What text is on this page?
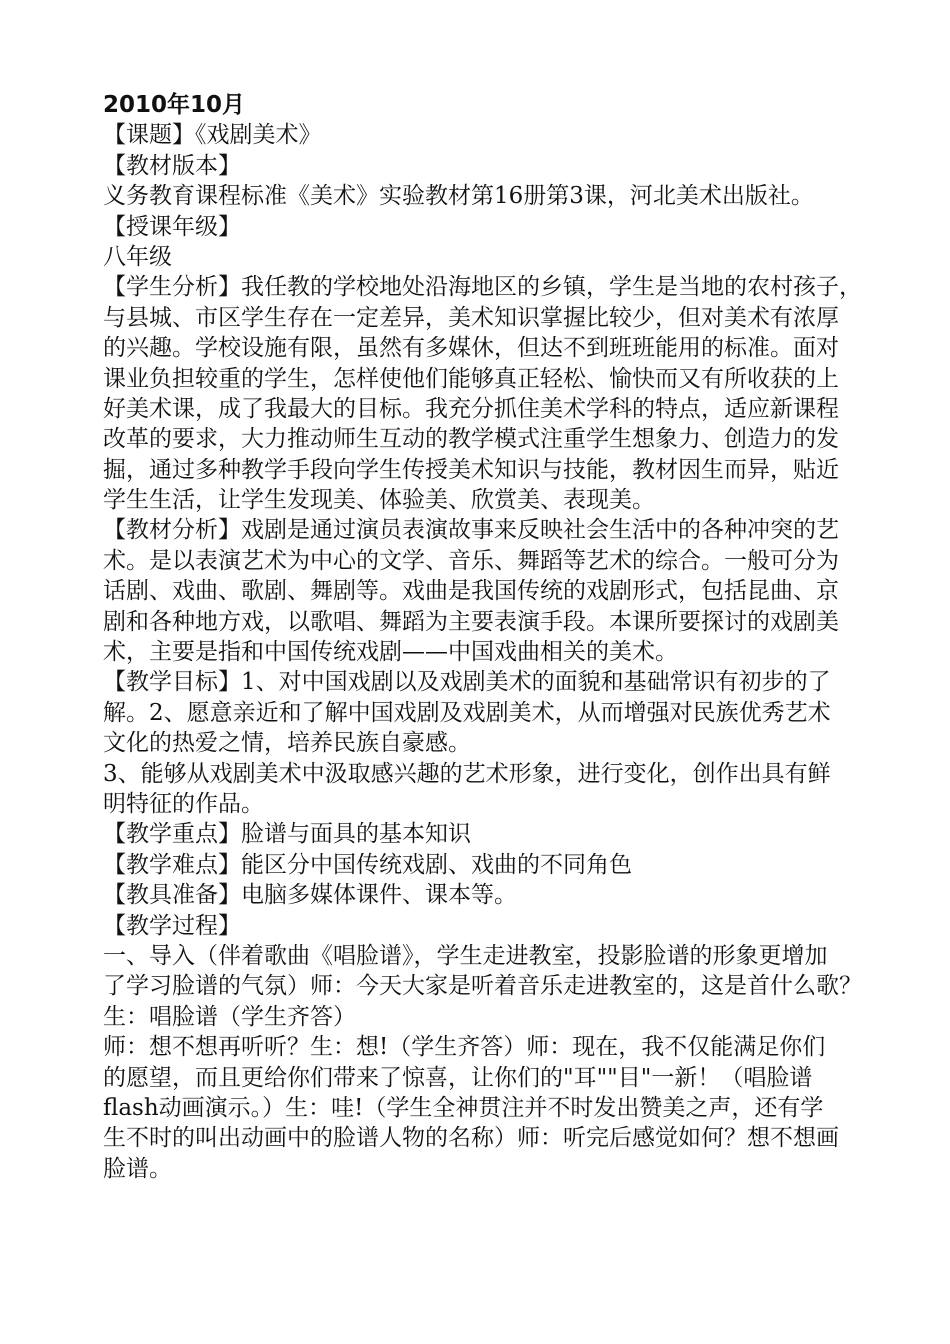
2010年10月
【课题】《戏剧美术》
【教材版本】
义务教育课程标准《美术》实验教材第16册第3课，河北美术出版社。
【授课年级】
八年级
【学生分析】我任教的学校地处沿海地区的乡镇，学生是当地的农村孩子，
与县城、市区学生存在一定差异，美术知识掌握比较少，但对美术有浓厚
的兴趣。学校设施有限，虽然有多媒休，但达不到班班能用的标准。面对
课业负担较重的学生，怎样使他们能够真正轻松、愉快而又有所收获的上
好美术课，成了我最大的目标。我充分抓住美术学科的特点，适应新课程
改革的要求，大力推动师生互动的教学模式注重学生想象力、创造力的发
掘，通过多种教学手段向学生传授美术知识与技能，教材因生而异，贴近
学生生活，让学生发现美、体验美、欣赏美、表现美。
【教材分析】戏剧是通过演员表演故事来反映社会生活中的各种冲突的艺
术。是以表演艺术为中心的文学、音乐、舞蹈等艺术的综合。一般可分为
话剧、戏曲、歌剧、舞剧等。戏曲是我国传统的戏剧形式，包括昆曲、京
剧和各种地方戏，以歌唱、舞蹈为主要表演手段。本课所要探讨的戏剧美
术，主要是指和中国传统戏剧——中国戏曲相关的美术。
【教学目标】1、对中国戏剧以及戏剧美术的面貌和基础常识有初步的了
解。2、愿意亲近和了解中国戏剧及戏剧美术，从而增强对民族优秀艺术
文化的热爱之情，培养民族自豪感。
3、能够从戏剧美术中汲取感兴趣的艺术形象，进行变化，创作出具有鲜
明特征的作品。
【教学重点】脸谱与面具的基本知识
【教学难点】能区分中国传统戏剧、戏曲的不同角色
【教具准备】电脑多媒体课件、课本等。
【教学过程】
一、导入（伴着歌曲《唱脸谱》，学生走进教室，投影脸谱的形象更增加
了学习脸谱的气氛）师：今天大家是听着音乐走进教室的，这是首什么歌？
生：唱脸谱（学生齐答）
师：想不想再听听？生：想!（学生齐答）师：现在，我不仅能满足你们
的愿望，而且更给你们带来了惊喜，让你们的"耳""目"一新！（唱脸谱
flash动画演示。）生：哇!（学生全神贯注并不时发出赞美之声，还有学
生不时的叫出动画中的脸谱人物的名称）师：听完后感觉如何？想不想画
脸谱。
